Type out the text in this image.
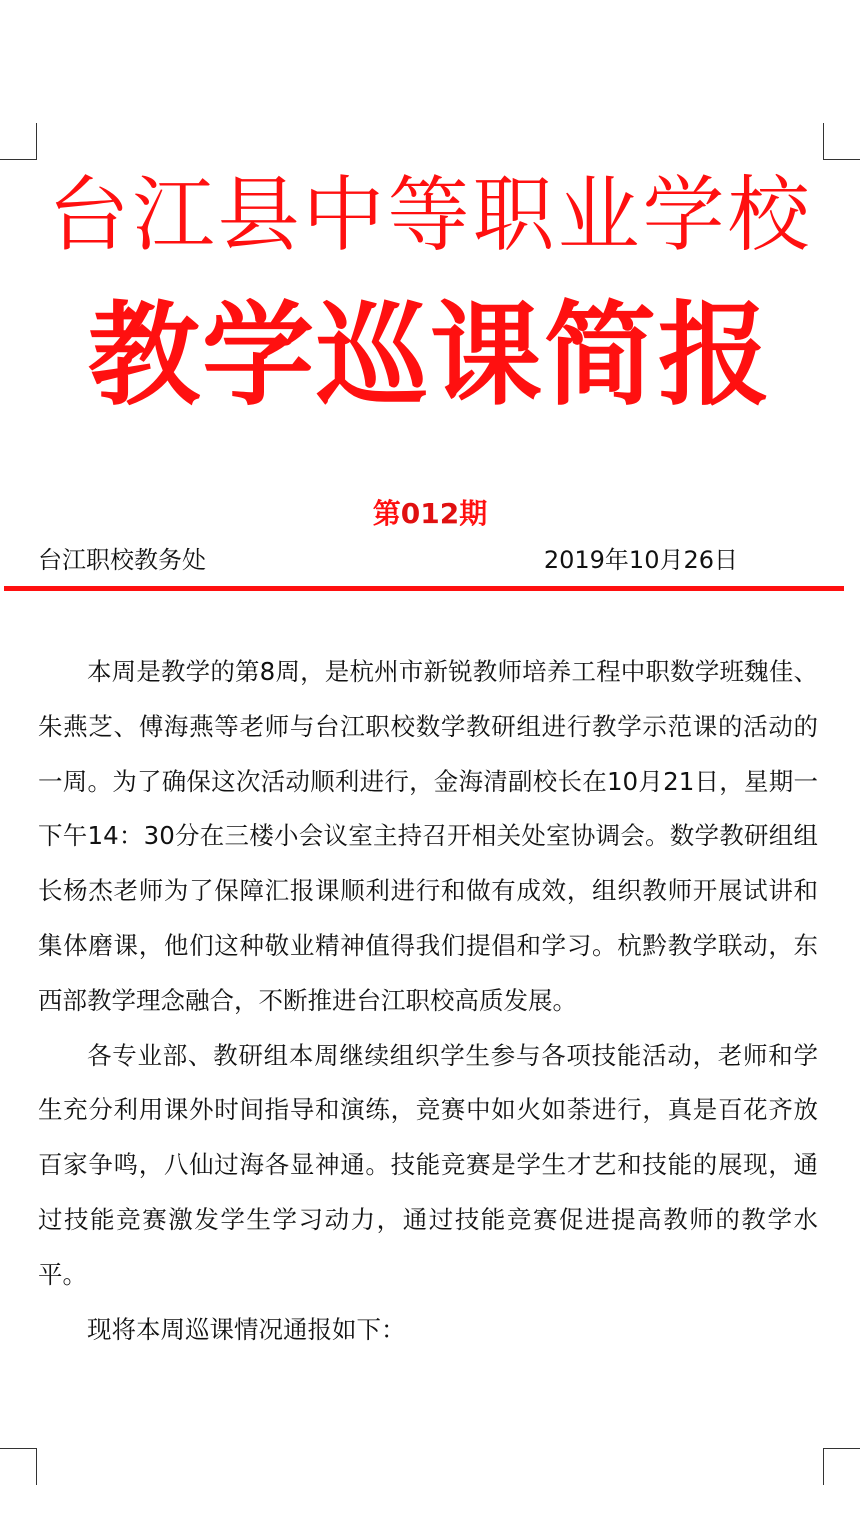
台江县中等职业学校
教学巡课简报
第012期
台江职校教务处	2019年10月26日

本周是教学的第8周，是杭州市新锐教师培养工程中职数学班魏佳、朱燕芝、傅海燕等老师与台江职校数学教研组进行教学示范课的活动的一周。为了确保这次活动顺利进行，金海清副校长在10月21日，星期一下午14：30分在三楼小会议室主持召开相关处室协调会。数学教研组组长杨杰老师为了保障汇报课顺利进行和做有成效，组织教师开展试讲和集体磨课，他们这种敬业精神值得我们提倡和学习。杭黔教学联动，东西部教学理念融合，不断推进台江职校高质发展。

各专业部、教研组本周继续组织学生参与各项技能活动，老师和学生充分利用课外时间指导和演练，竞赛中如火如荼进行，真是百花齐放百家争鸣，八仙过海各显神通。技能竞赛是学生才艺和技能的展现，通过技能竞赛激发学生学习动力，通过技能竞赛促进提高教师的教学水平。

现将本周巡课情况通报如下：
